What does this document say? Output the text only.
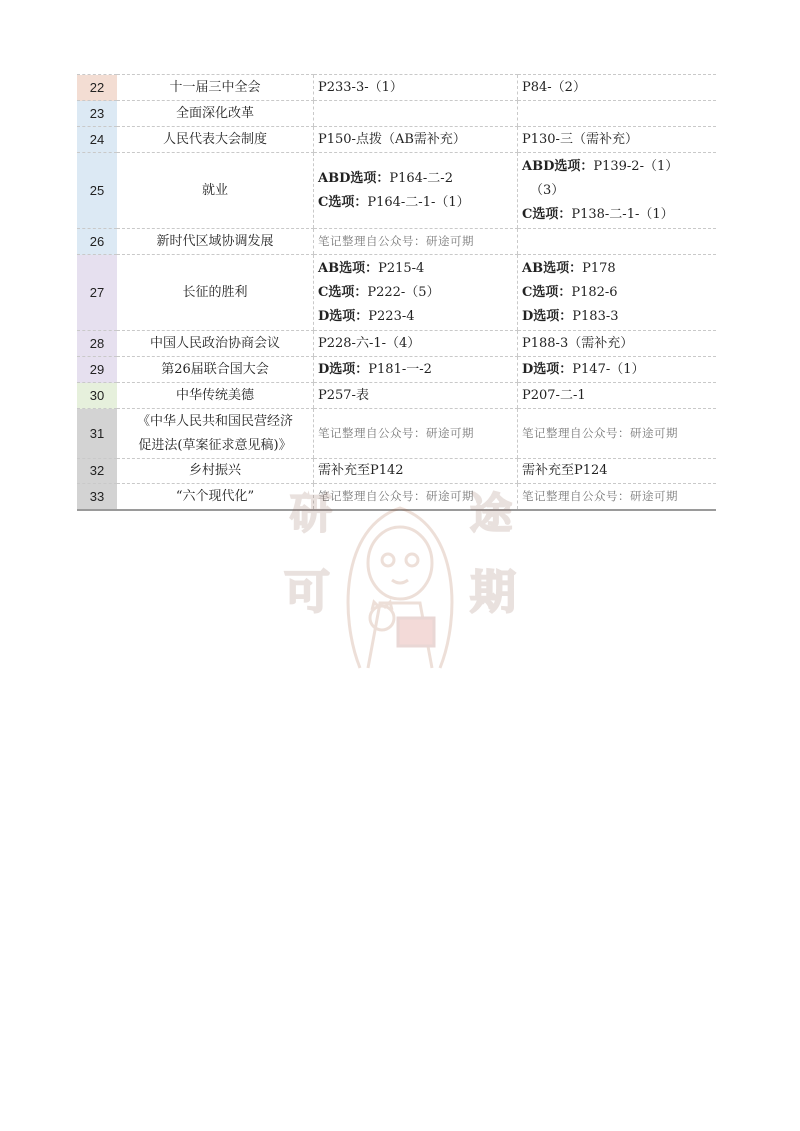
22	十一届三中全会	P233-3-（1）	P84-（2）

23	全面深化改革		

24	人民代表大会制度	P150-点拨（AB需补充）	P130-三（需补充）

25	就业	ABD选项：P164-二-2
C选项：P164-二-1-（1）	ABD选项：P139-2-（1）
（3）
C选项：P138-二-1-（1）

26	新时代区域协调发展	笔记整理自公众号：研途可期	

27	长征的胜利	AB选项：P215-4
C选项：P222-（5）
D选项：P223-4	AB选项：P178
C选项：P182-6
D选项：P183-3

28	中国人民政治协商会议	P228-六-1-（4）	P188-3（需补充）

29	第26届联合国大会	D选项：P181-一-2	D选项：P147-（1）

30	中华传统美德	P257-表	P207-二-1

31	《中华人民共和国民营经济
促进法(草案征求意见稿)》	笔记整理自公众号：研途可期	笔记整理自公众号：研途可期

32	乡村振兴	需补充至P142	需补充至P124

33	“六个现代化”	笔记整理自公众号：研途可期	笔记整理自公众号：研途可期
研	途
可	期
